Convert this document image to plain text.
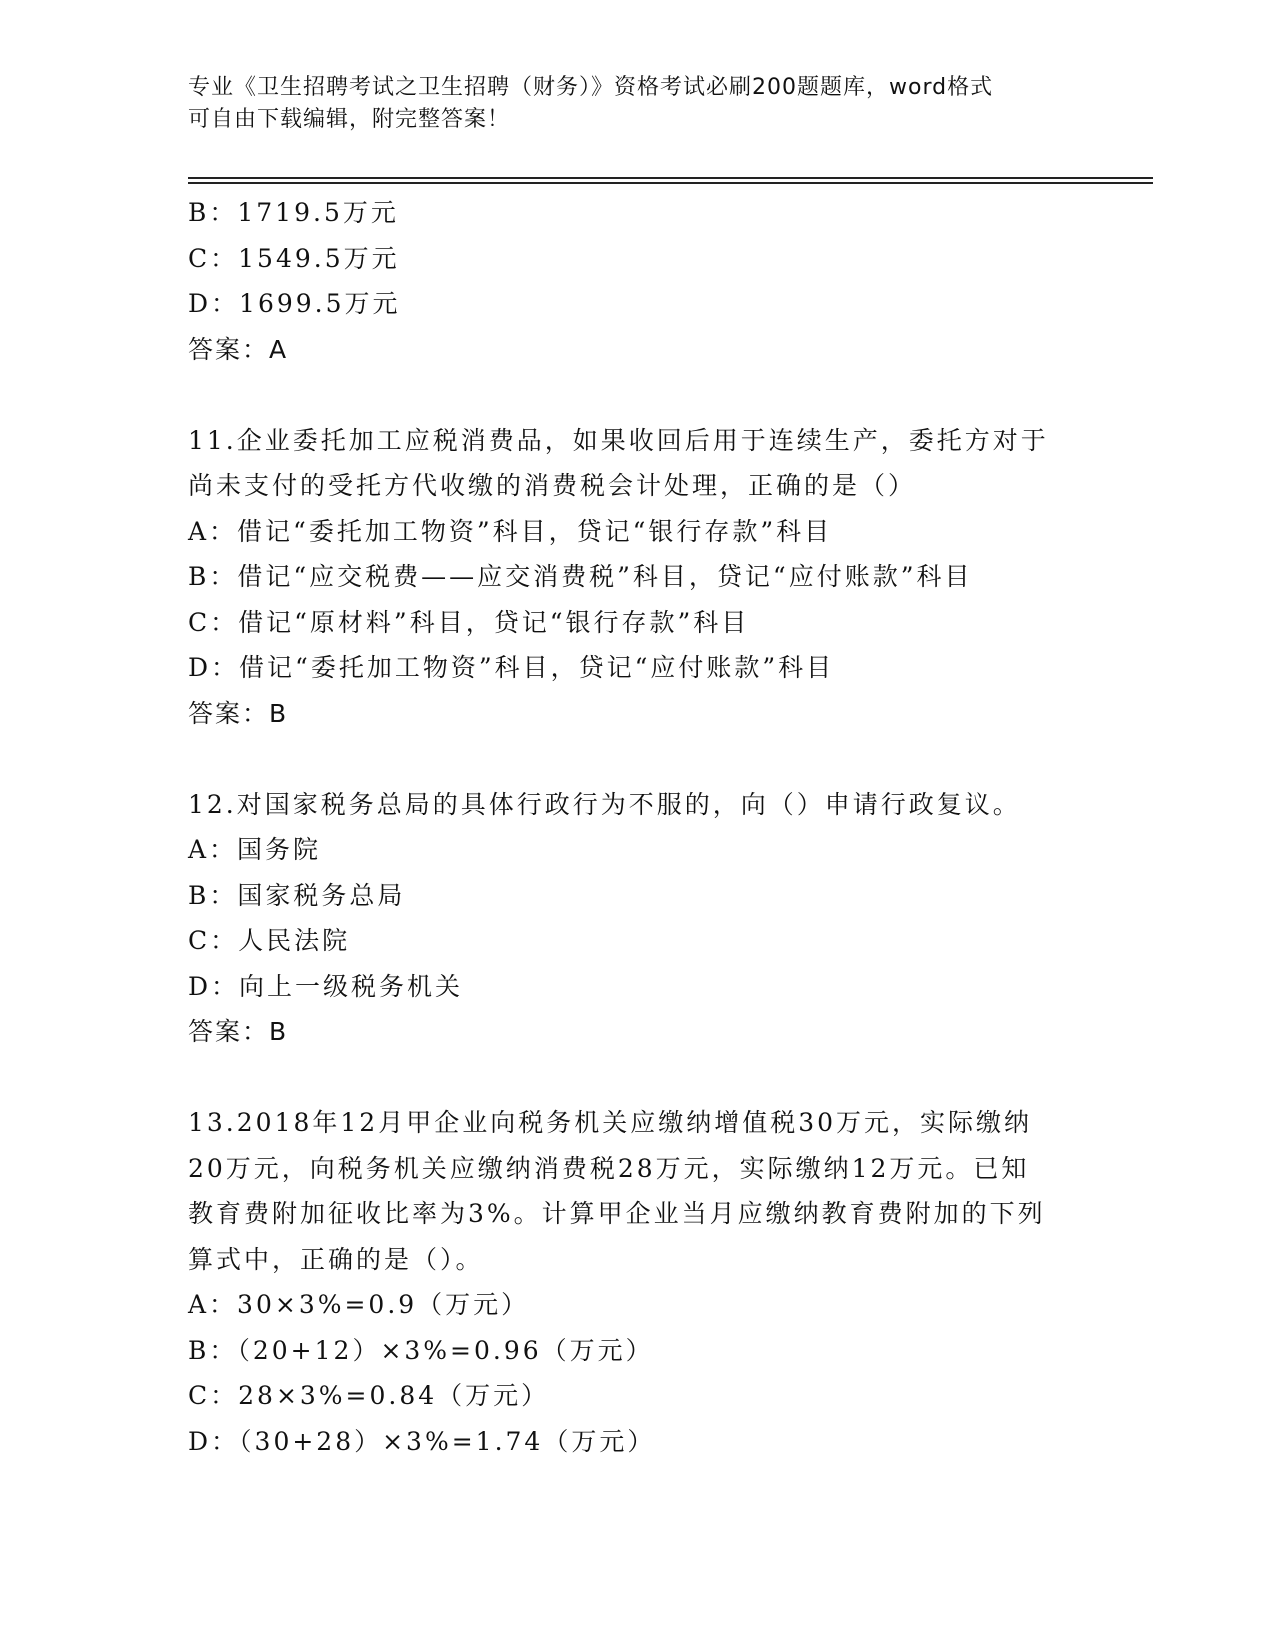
专业《卫生招聘考试之卫生招聘（财务）》资格考试必刷200题题库，word格式
可自由下载编辑，附完整答案！
B：1719.5万元
C：1549.5万元
D：1699.5万元
答案：A
11.企业委托加工应税消费品，如果收回后用于连续生产，委托方对于
尚未支付的受托方代收缴的消费税会计处理，正确的是（）
A：借记“委托加工物资”科目，贷记“银行存款”科目
B：借记“应交税费——应交消费税”科目，贷记“应付账款”科目
C：借记“原材料”科目，贷记“银行存款”科目
D：借记“委托加工物资”科目，贷记“应付账款”科目
答案：B
12.对国家税务总局的具体行政行为不服的，向（）申请行政复议。
A：国务院
B：国家税务总局
C：人民法院
D：向上一级税务机关
答案：B
13.2018年12月甲企业向税务机关应缴纳增值税30万元，实际缴纳
20万元，向税务机关应缴纳消费税28万元，实际缴纳12万元。已知
教育费附加征收比率为3%。计算甲企业当月应缴纳教育费附加的下列
算式中，正确的是（）。
A：30×3%=0.9（万元）
B：（20+12）×3%=0.96（万元）
C：28×3%=0.84（万元）
D：（30+28）×3%=1.74（万元）
